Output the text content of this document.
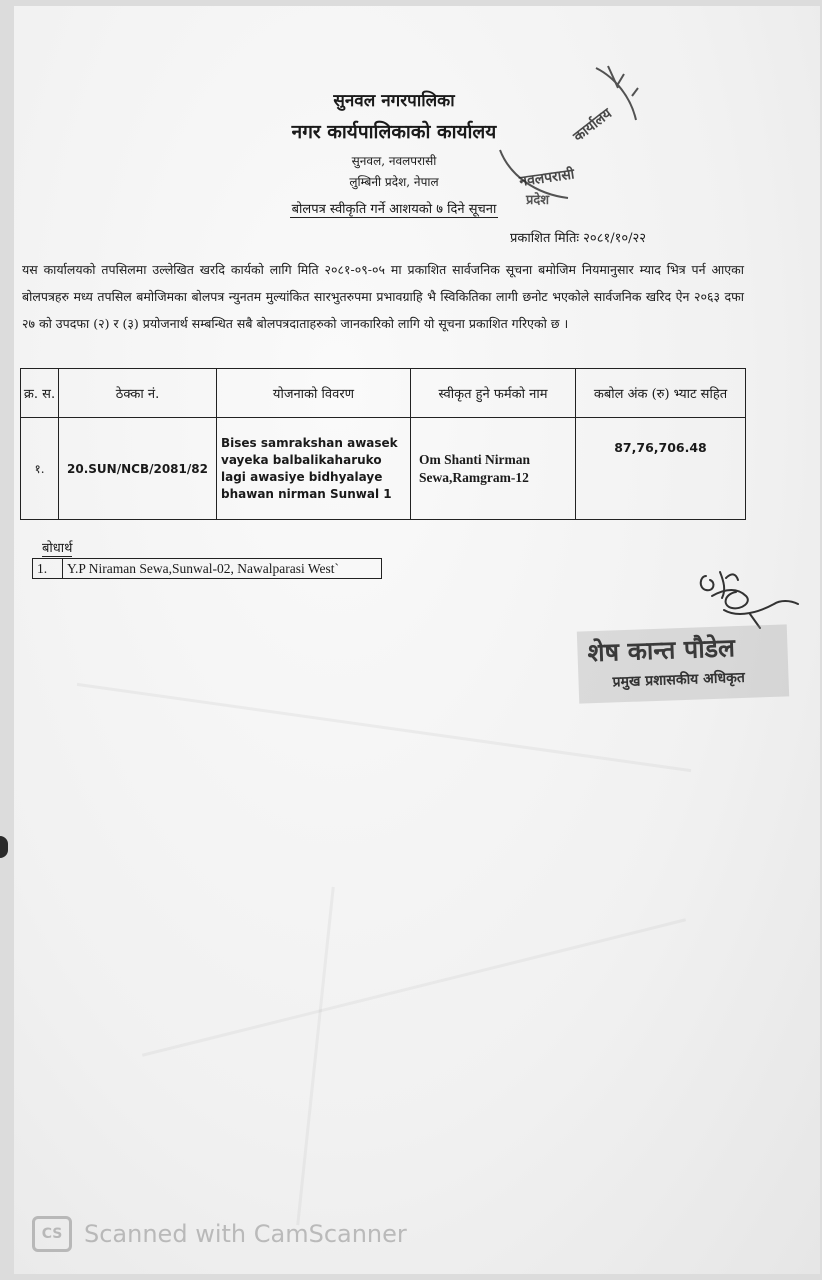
सुनवल नगरपालिका
नगर कार्यपालिकाको कार्यालय
सुनवल, नवलपरासी
लुम्बिनी प्रदेश, नेपाल
बोलपत्र स्वीकृति गर्ने आशयको ७ दिने सूचना
कार्यालय
नवलपरासी
प्रदेश
प्रकाशित मितिः २०८१/१०/२२
यस कार्यालयको तपसिलमा उल्लेखित खरदि कार्यको लागि मिति २०८१-०९-०५ मा प्रकाशित सार्वजनिक सूचना बमोजिम नियमानुसार म्याद भित्र पर्न आएका बोलपत्रहरु मध्य तपसिल बमोजिमका बोलपत्र न्युनतम मुल्यांकित सारभुतरुपमा प्रभावग्राहि भै स्विकितिका लागी छनोट भएकोले सार्वजनिक खरिद ऐन २०६३ दफा २७ को उपदफा (२) र (३) प्रयोजनार्थ सम्बन्धित सबै बोलपत्रदाताहरुको जानकारिको लागि यो सूचना प्रकाशित गरिएको छ ।
क्र. स.	ठेक्का नं.	योजनाको विवरण	स्वीकृत हुने फर्मको नाम	कबोल अंक (रु) भ्याट सहित
१.	20.SUN/NCB/2081/82	Bises samrakshan awasek vayeka balbalikaharuko lagi awasiye bidhyalaye bhawan nirman Sunwal 1	Om Shanti Nirman Sewa,Ramgram-12	87,76,706.48
बोधार्थ
1.	Y.P Niraman Sewa,Sunwal-02, Nawalparasi West`
शेष कान्त पौडेल
प्रमुख प्रशासकीय अधिकृत
CS Scanned with CamScanner
